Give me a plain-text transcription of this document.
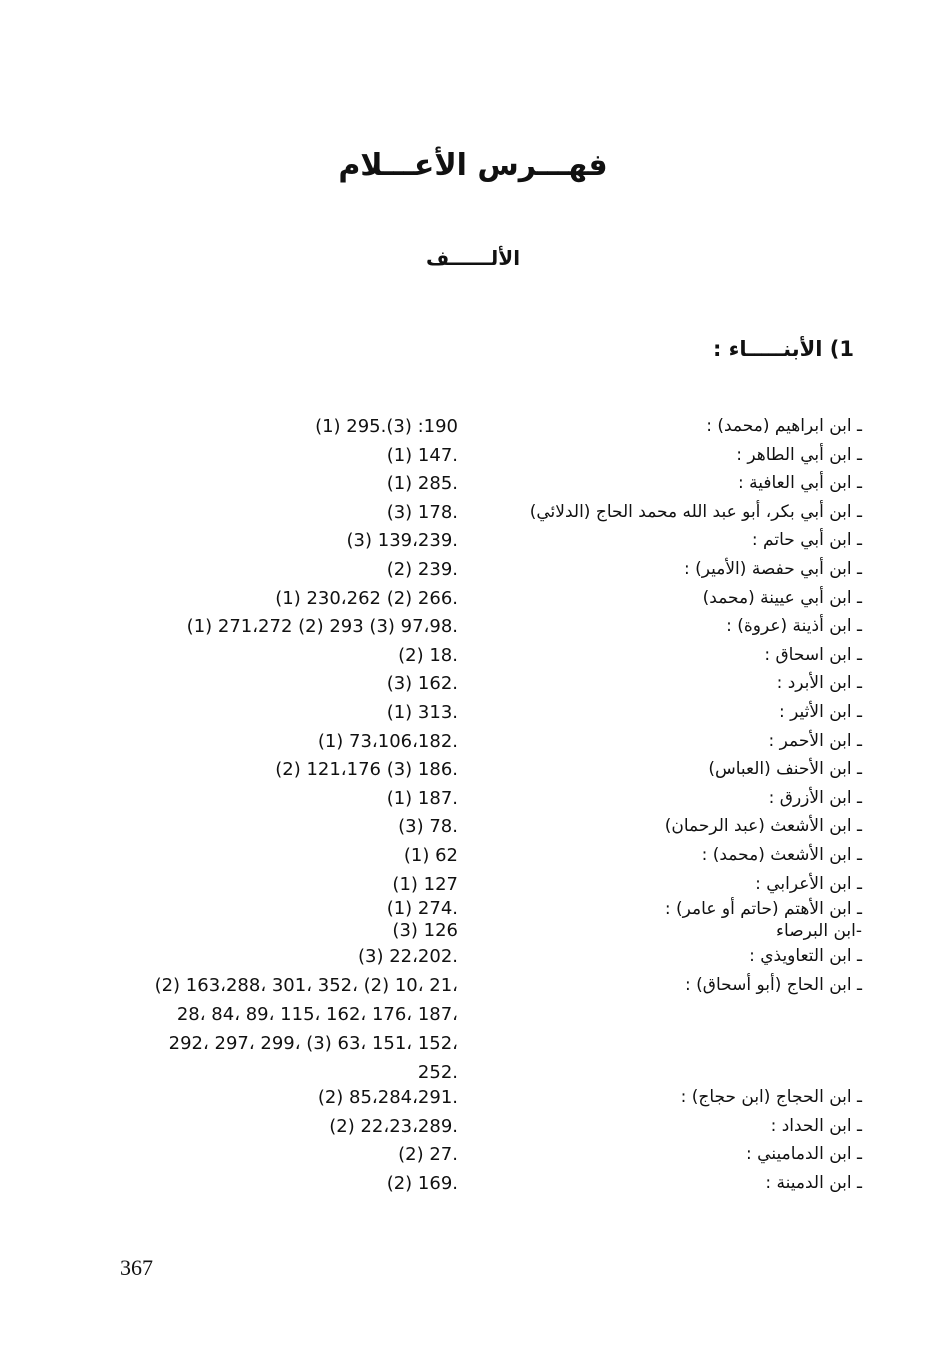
فهـــرس الأعـــلام
الألــــــف
1) الأبنـــــاء :
ـ ابن ابراهيم (محمد) :
(1) 295.(3) :190
ـ ابن أبي الطاهر :
(1) 147.
ـ ابن أبي العافية :
(1) 285.
ـ ابن أبي بكر، أبو عبد الله محمد الحاج (الدلائي)
(3) 178.
ـ ابن أبي حاتم :
(3) 139،239.
ـ ابن أبي حفصة (الأمير) :
(2) 239.
ـ ابن أبي عيينة (محمد)
(1) 230،262 (2) 266.
ـ ابن أذينة (عروة) :
(1) 271،272 (2) 293 (3) 97،98.
ـ ابن اسحاق :
(2) 18.
ـ ابن الأبرد :
(3) 162.
ـ ابن الأثير :
(1) 313.
ـ ابن الأحمر :
(1) 73،106،182.
ـ ابن الأحنف (العباس)
(2) 121،176 (3) 186.
ـ ابن الأزرق :
(1) 187.
ـ ابن الأشعث (عبد الرحمان)
(3) 78.
ـ ابن الأشعث (محمد) :
(1) 62
ـ ابن الأعرابي :
(1) 127
ـ ابن الأهتم (حاتم أو عامر) :
(1) 274.
-ابن البرصاء
(3) 126
ـ ابن التعاويذي :
(3) 22،202.
ـ ابن الحاج (أبو أسحاق) :
(2) 163،288، 301، 352، (2) 10، 21،
28، 84، 89، 115، 162، 176، 187،
292، 297، 299، (3) 63، 151، 152،
252.
ـ ابن الحجاج (ابن حجاج) :
(2) 85،284،291.
ـ ابن الحداد :
(2) 22،23،289.
ـ ابن الدماميني :
(2) 27.
ـ ابن الدمينة :
(2) 169.

367
